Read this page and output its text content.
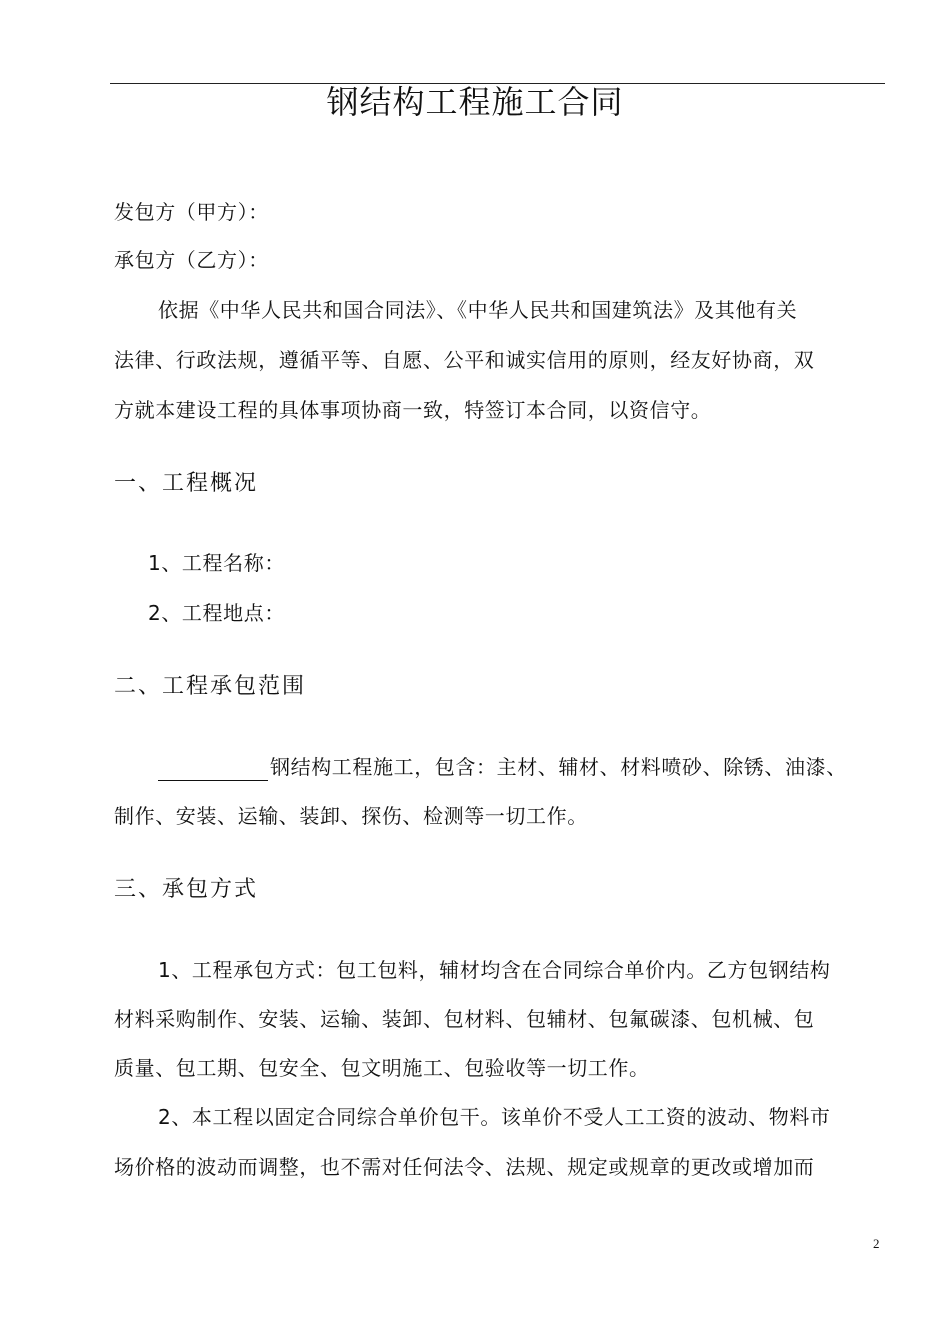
钢结构工程施工合同
发包方（甲方）：
承包方（乙方）：
依据《中华人民共和国合同法》、《中华人民共和国建筑法》及其他有关
法律、行政法规，遵循平等、自愿、公平和诚实信用的原则，经友好协商，双
方就本建设工程的具体事项协商一致，特签订本合同，以资信守。
一、工程概况
1、工程名称：
2、工程地点：
二、工程承包范围
钢结构工程施工，包含：主材、辅材、材料喷砂、除锈、油漆、
制作、安装、运输、装卸、探伤、检测等一切工作。
三、承包方式
1、工程承包方式：包工包料，辅材均含在合同综合单价内。乙方包钢结构
材料采购制作、安装、运输、装卸、包材料、包辅材、包氟碳漆、包机械、包
质量、包工期、包安全、包文明施工、包验收等一切工作。
2、本工程以固定合同综合单价包干。该单价不受人工工资的波动、物料市
场价格的波动而调整，也不需对任何法令、法规、规定或规章的更改或增加而
2
